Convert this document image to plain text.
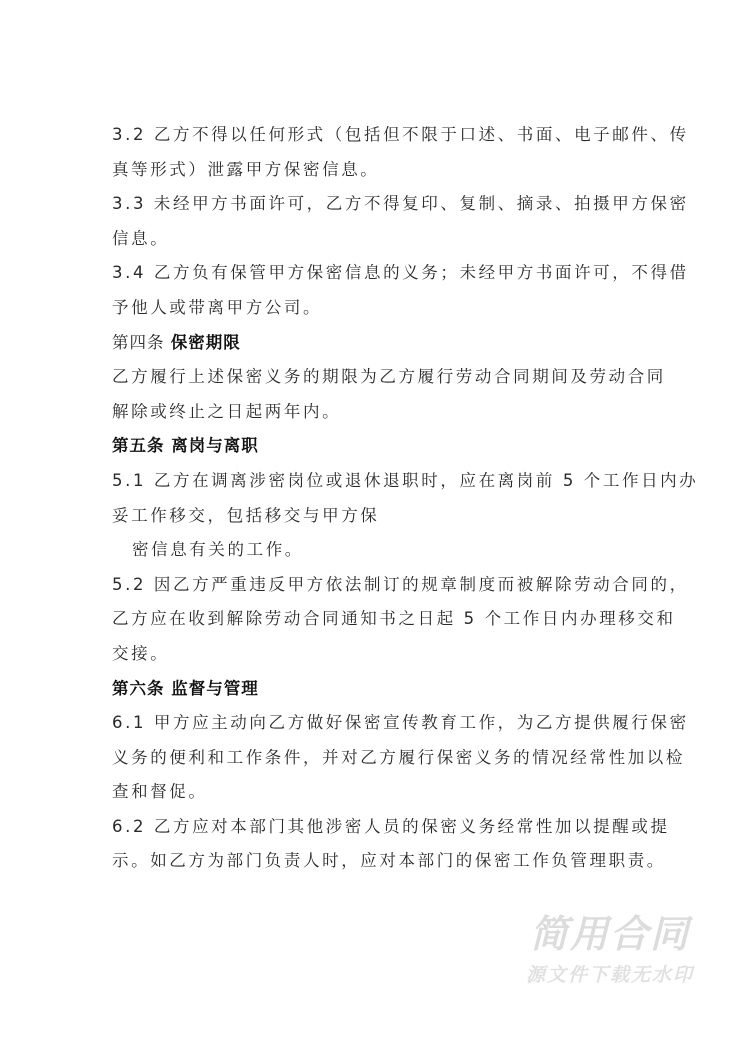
3.2 乙方不得以任何形式（包括但不限于口述、书面、电子邮件、传
真等形式）泄露甲方保密信息。
3.3 未经甲方书面许可，乙方不得复印、复制、摘录、拍摄甲方保密
信息。
3.4 乙方负有保管甲方保密信息的义务；未经甲方书面许可，不得借
予他人或带离甲方公司。
第四条 保密期限
乙方履行上述保密义务的期限为乙方履行劳动合同期间及劳动合同
解除或终止之日起两年内。
第五条 离岗与离职
5.1 乙方在调离涉密岗位或退休退职时，应在离岗前 5 个工作日内办
妥工作移交，包括移交与甲方保
密信息有关的工作。
5.2 因乙方严重违反甲方依法制订的规章制度而被解除劳动合同的，
乙方应在收到解除劳动合同通知书之日起 5 个工作日内办理移交和
交接。
第六条 监督与管理
6.1 甲方应主动向乙方做好保密宣传教育工作，为乙方提供履行保密
义务的便利和工作条件，并对乙方履行保密义务的情况经常性加以检
查和督促。
6.2 乙方应对本部门其他涉密人员的保密义务经常性加以提醒或提
示。如乙方为部门负责人时，应对本部门的保密工作负管理职责。
简用合同
源文件下载无水印
